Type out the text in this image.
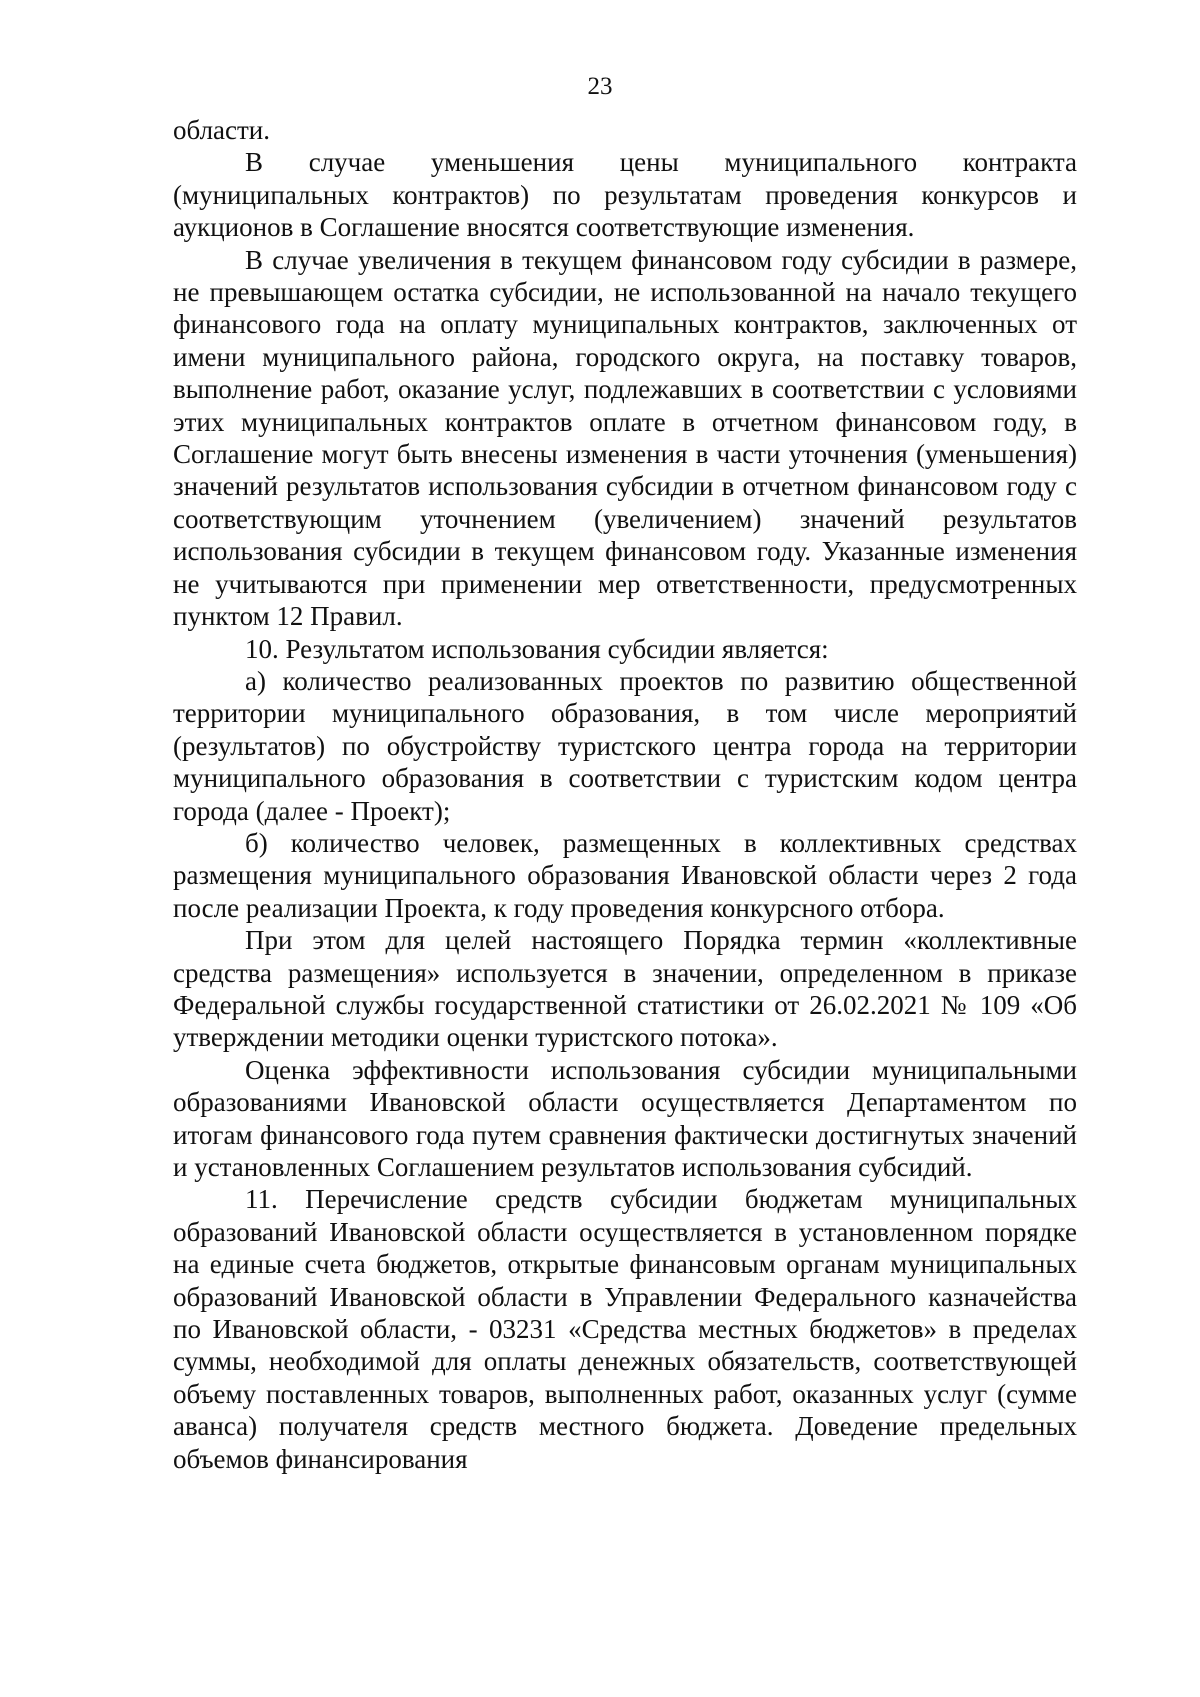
23

области.

В случае уменьшения цены муниципального контракта (муниципальных контрактов) по результатам проведения конкурсов и аукционов в Соглашение вносятся соответствующие изменения.

В случае увеличения в текущем финансовом году субсидии в размере, не превышающем остатка субсидии, не использованной на начало текущего финансового года на оплату муниципальных контрактов, заключенных от имени муниципального района, городского округа, на поставку товаров, выполнение работ, оказание услуг, подлежавших в соответствии с условиями этих муниципальных контрактов оплате в отчетном финансовом году, в Соглашение могут быть внесены изменения в части уточнения (уменьшения) значений результатов использования субсидии в отчетном финансовом году с соответствующим уточнением (увеличением) значений результатов использования субсидии в текущем финансовом году. Указанные изменения не учитываются при применении мер ответственности, предусмотренных пунктом 12 Правил.

10. Результатом использования субсидии является:

а) количество реализованных проектов по развитию общественной территории муниципального образования, в том числе мероприятий (результатов) по обустройству туристского центра города на территории муниципального образования в соответствии с туристским кодом центра города (далее - Проект);

б) количество человек, размещенных в коллективных средствах размещения муниципального образования Ивановской области через 2 года после реализации Проекта, к году проведения конкурсного отбора.

При этом для целей настоящего Порядка термин «коллективные средства размещения» используется в значении, определенном в приказе Федеральной службы государственной статистики от 26.02.2021 № 109 «Об утверждении методики оценки туристского потока».

Оценка эффективности использования субсидии муниципальными образованиями Ивановской области осуществляется Департаментом по итогам финансового года путем сравнения фактически достигнутых значений и установленных Соглашением результатов использования субсидий.

11. Перечисление средств субсидии бюджетам муниципальных образований Ивановской области осуществляется в установленном порядке на единые счета бюджетов, открытые финансовым органам муниципальных образований Ивановской области в Управлении Федерального казначейства по Ивановской области, - 03231 «Средства местных бюджетов» в пределах суммы, необходимой для оплаты денежных обязательств, соответствующей объему поставленных товаров, выполненных работ, оказанных услуг (сумме аванса) получателя средств местного бюджета. Доведение предельных объемов финансирования
